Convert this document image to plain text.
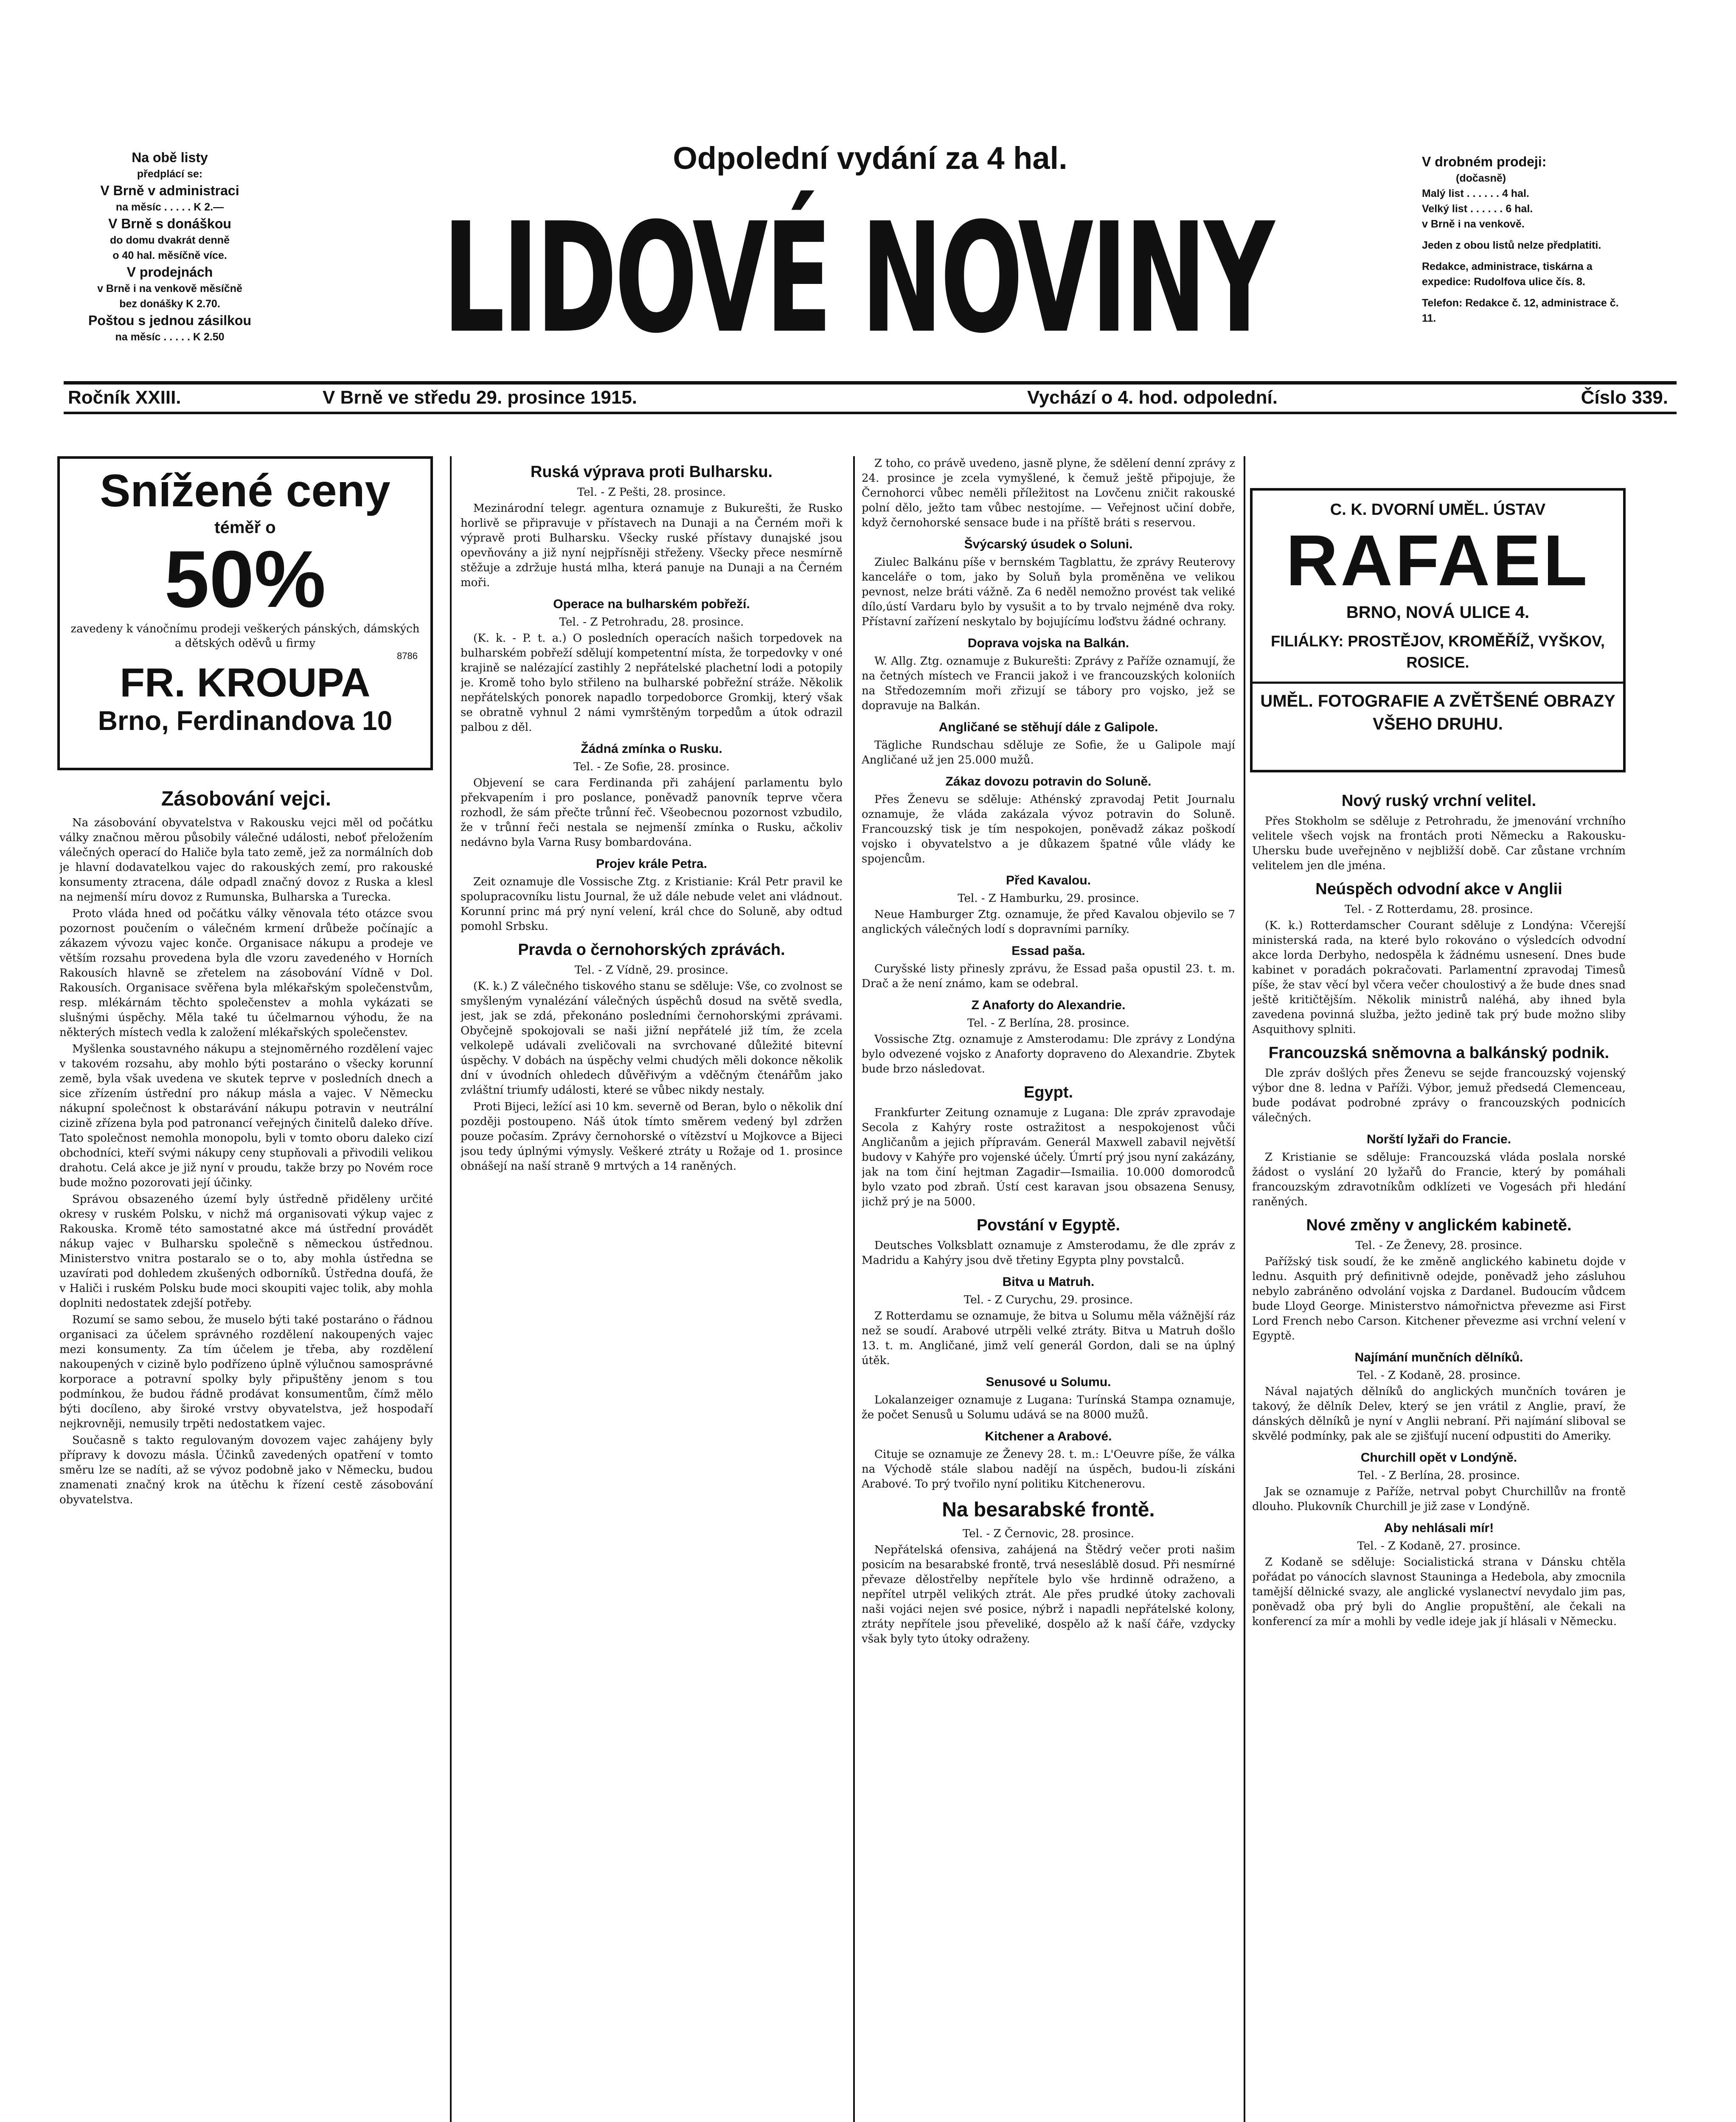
Na obě listy
předplácí se:
V Brně v administraci
na měsíc . . . . . K 2.—
V Brně s donáškou
do domu dvakrát denně
o 40 hal. měsíčně více.
V prodejnách
v Brně i na venkově měsíčně
bez donášky K 2.70.
Poštou s jednou zásilkou
na měsíc . . . . . K 2.50
V drobném prodeji:
(dočasně)
Malý list . . . . . . 4 hal.
Velký list . . . . . . 6 hal.
v Brně i na venkově.
Jeden z obou listů nelze předplatiti.
Redakce, administrace, tiskárna a expedice: Rudolfova ulice čís. 8.
Telefon: Redakce č. 12, administrace č. 11.
Odpolední vydání za 4 hal.
LIDOVÉ NOVINY
Ročník XXIII.	V Brně ve středu 29. prosince 1915.	Vychází o 4. hod. odpolední.	Číslo 339.
Snížené ceny
téměř o
50%
zavedeny k vánočnímu prodeji veškerých pánských, dámských a dětských oděvů u firmy
8786
FR. KROUPA
Brno, Ferdinandova 10
C. K. DVORNÍ UMĚL. ÚSTAV
RAFAEL
BRNO, NOVÁ ULICE 4.
FILIÁLKY: PROSTĚJOV, KROMĚŘÍŽ, VYŠKOV, ROSICE.
UMĚL. FOTOGRAFIE A ZVĚTŠENÉ OBRAZY VŠEHO DRUHU.
Zásobování vejci.

Na zásobování obyvatelstva v Rakousku vejci měl od počátku války značnou měrou působily válečné události, neboť přeložením válečných operací do Haliče byla tato země, jež za normálních dob je hlavní dodavatelkou vajec do rakouských zemí, pro rakouské konsumenty ztracena, dále odpadl značný dovoz z Ruska a klesl na nejmenší míru dovoz z Rumunska, Bulharska a Turecka.

Proto vláda hned od počátku války věnovala této otázce svou pozornost poučením o válečném krmení drůbeže počínajíc a zákazem vývozu vajec konče. Organisace nákupu a prodeje ve větším rozsahu provedena byla dle vzoru zavedeného v Horních Rakousích hlavně se zřetelem na zásobování Vídně v Dol. Rakousích. Organisace svěřena byla mlékařským společenstvům, resp. mlékárnám těchto společenstev a mohla vykázati se slušnými úspěchy. Měla také tu účelmarnou výhodu, že na některých místech vedla k založení mlékařských společenstev.

Myšlenka soustavného nákupu a stejnoměrného rozdělení vajec v takovém rozsahu, aby mohlo býti postaráno o všecky korunní země, byla však uvedena ve skutek teprve v posledních dnech a sice zřízením ústřední pro nákup másla a vajec. V Německu nákupní společnost k obstarávání nákupu potravin v neutrální cizině zřízena byla pod patronancí veřejných činitelů daleko dříve. Tato společnost nemohla monopolu, byli v tomto oboru daleko cizí obchodníci, kteří svými nákupy ceny stupňovali a přivodili velikou drahotu. Celá akce je již nyní v proudu, takže brzy po Novém roce bude možno pozorovati její účinky.

Správou obsazeného území byly ústředně přiděleny určité okresy v ruském Polsku, v nichž má organisovati výkup vajec z Rakouska. Kromě této samostatné akce má ústřední provádět nákup vajec v Bulharsku společně s německou ústřednou. Ministerstvo vnitra postaralo se o to, aby mohla ústředna se uzavírati pod dohledem zkušených odborníků. Ústředna doufá, že v Haliči i ruském Polsku bude moci skoupiti vajec tolik, aby mohla doplniti nedostatek zdejší potřeby.

Rozumí se samo sebou, že muselo býti také postaráno o řádnou organisaci za účelem správného rozdělení nakoupených vajec mezi konsumenty. Za tím účelem je třeba, aby rozdělení nakoupených v cizině bylo podřízeno úplně výlučnou samosprávné korporace a potravní spolky byly připuštěny jenom s tou podmínkou, že budou řádně prodávat konsumentům, čímž mělo býti docíleno, aby široké vrstvy obyvatelstva, jež hospodaří nejkrovněji, nemusily trpěti nedostatkem vajec.

Současně s takto regulovaným dovozem vajec zahájeny byly přípravy k dovozu másla. Účinků zavedených opatření v tomto směru lze se nadíti, až se vývoz podobně jako v Německu, budou znamenati značný krok na útěchu k řízení cestě zásobování obyvatelstva.

Ruská výprava proti Bulharsku.
Tel. - Z Pešti, 28. prosince.

Mezinárodní telegr. agentura oznamuje z Bukurešti, že Rusko horlivě se připravuje v přístavech na Dunaji a na Černém moři k výpravě proti Bulharsku. Všecky ruské přístavy dunajské jsou opevňovány a již nyní nejpřísněji střeženy. Všecky přece nesmírně stěžuje a zdržuje hustá mlha, která panuje na Dunaji a na Černém moři.

Operace na bulharském pobřeží.
Tel. - Z Petrohradu, 28. prosince.

(K. k. - P. t. a.) O posledních operacích našich torpedovek na bulharském pobřeží sdělují kompetentní místa, že torpedovky v oné krajině se nalézající zastihly 2 nepřátelské plachetní lodi a potopily je. Kromě toho bylo střileno na bulharské pobřežní stráže. Několik nepřátelských ponorek napadlo torpedoborce Gromkij, který však se obratně vyhnul 2 námi vymrštěným torpedům a útok odrazil palbou z děl.

Žádná zmínka o Rusku.
Tel. - Ze Sofie, 28. prosince.

Objevení se cara Ferdinanda při zahájení parlamentu bylo překvapením i pro poslance, poněvadž panovník teprve včera rozhodl, že sám přečte trůnní řeč. Všeobecnou pozornost vzbudilo, že v trůnní řeči nestala se nejmenší zmínka o Rusku, ačkoliv nedávno byla Varna Rusy bombardována.

Projev krále Petra.

Zeit oznamuje dle Vossische Ztg. z Kristianie: Král Petr pravil ke spolupracovníku listu Journal, že už dále nebude velet ani vládnout. Korunní princ má prý nyní velení, král chce do Soluně, aby odtud pomohl Srbsku.

Pravda o černohorských zprávách.
Tel. - Z Vídně, 29. prosince.

(K. k.) Z válečného tiskového stanu se sděluje: Vše, co zvolnost se smyšleným vynalézání válečných úspěchů dosud na světě svedla, jest, jak se zdá, překonáno posledními černohorskými zprávami. Obyčejně spokojovali se naši jižní nepřátelé již tím, že zcela velkolepě udávali zveličovali na svrchované důležité bitevní úspěchy. V dobách na úspěchy velmi chudých měli dokonce několik dní v úvodních ohledech důvěřivým a vděčným čtenářům jako zvláštní triumfy události, které se vůbec nikdy nestaly.

Proti Bijeci, ležící asi 10 km. severně od Beran, bylo o několik dní později postoupeno. Náš útok tímto směrem vedený byl zdržen pouze počasím. Zprávy černohorské o vítězství u Mojkovce a Bijeci jsou tedy úplnými výmysly. Veškeré ztráty u Rožaje od 1. prosince obnášejí na naší straně 9 mrtvých a 14 raněných.

Z toho, co právě uvedeno, jasně plyne, že sdělení denní zprávy z 24. prosince je zcela vymyšlené, k čemuž ještě připojuje, že Černohorci vůbec neměli příležitost na Lovčenu zničit rakouské polní dělo, ježto tam vůbec nestojíme. — Veřejnost učiní dobře, když černohorské sensace bude i na příště bráti s reservou.

Švýcarský úsudek o Soluni.

Ziulec Balkánu píše v bernském Tagblattu, že zprávy Reuterovy kanceláře o tom, jako by Soluň byla proměněna ve velikou pevnost, nelze bráti vážně. Za 6 neděl nemožno provést tak veliké dílo,ústí Vardaru bylo by vysušit a to by trvalo nejméně dva roky. Přístavní zařízení neskytalo by bojujícímu loďstvu žádné ochrany.

Doprava vojska na Balkán.

W. Allg. Ztg. oznamuje z Bukurešti: Zprávy z Paříže oznamují, že na četných místech ve Francii jakož i ve francouzských koloniích na Středozemním moři zřizují se tábory pro vojsko, jež se dopravuje na Balkán.

Angličané se stěhují dále z Galipole.

Tägliche Rundschau sděluje ze Sofie, že u Galipole mají Angličané už jen 25.000 mužů.

Zákaz dovozu potravin do Soluně.

Přes Ženevu se sděluje: Athénský zpravodaj Petit Journalu oznamuje, že vláda zakázala vývoz potravin do Soluně. Francouzský tisk je tím nespokojen, poněvadž zákaz poškodí vojsko i obyvatelstvo a je důkazem špatné vůle vlády ke spojencům.

Před Kavalou.
Tel. - Z Hamburku, 29. prosince.

Neue Hamburger Ztg. oznamuje, že před Kavalou objevilo se 7 anglických válečných lodí s dopravními parníky.

Essad paša.

Curyšské listy přinesly zprávu, že Essad paša opustil 23. t. m. Drač a že není známo, kam se odebral.

Z Anaforty do Alexandrie.
Tel. - Z Berlína, 28. prosince.

Vossische Ztg. oznamuje z Amsterodamu: Dle zprávy z Londýna bylo odvezené vojsko z Anaforty dopraveno do Alexandrie. Zbytek bude brzo následovat.

Egypt.

Frankfurter Zeitung oznamuje z Lugana: Dle zpráv zpravodaje Secola z Kahýry roste ostražitost a nespokojenost vůči Angličanům a jejich přípravám. Generál Maxwell zabavil největší budovy v Kahýře pro vojenské účely. Úmrtí prý jsou nyní zakázány, jak na tom činí hejtman Zagadir—Ismailia. 10.000 domorodců bylo vzato pod zbraň. Ústí cest karavan jsou obsazena Senusy, jichž prý je na 5000.

Povstání v Egyptě.

Deutsches Volksblatt oznamuje z Amsterodamu, že dle zpráv z Madridu a Kahýry jsou dvě třetiny Egypta plny povstalců.

Bitva u Matruh.
Tel. - Z Curychu, 29. prosince.

Z Rotterdamu se oznamuje, že bitva u Solumu měla vážnější ráz než se soudí. Arabové utrpěli velké ztráty. Bitva u Matruh došlo 13. t. m. Angličané, jimž velí generál Gordon, dali se na úplný útěk.

Senusové u Solumu.

Lokalanzeiger oznamuje z Lugana: Turínská Stampa oznamuje, že počet Senusů u Solumu udává se na 8000 mužů.

Kitchener a Arabové.

Cituje se oznamuje ze Ženevy 28. t. m.: L'Oeuvre píše, že válka na Východě stále slabou nadějí na úspěch, budou-li získáni Arabové. To prý tvořilo nyní politiku Kitchenerovu.

Na besarabské frontě.
Tel. - Z Černovic, 28. prosince.

Nepřátelská ofensiva, zahájená na Štědrý večer proti našim posicím na besarabské frontě, trvá nesesláblě dosud. Při nesmírné převaze dělostřelby nepřítele bylo vše hrdinně odraženo, a nepřítel utrpěl velikých ztrát. Ale přes prudké útoky zachovali naši vojáci nejen své posice, nýbrž i napadli nepřátelské kolony, ztráty nepřítele jsou převeliké, dospělo až k naší čáře, vzdycky však byly tyto útoky odraženy.

Nový ruský vrchní velitel.

Přes Stokholm se sděluje z Petrohradu, že jmenování vrchního velitele všech vojsk na frontách proti Německu a Rakousku-Uhersku bude uveřejněno v nejbližší době. Car zůstane vrchním velitelem jen dle jména.

Neúspěch odvodní akce v Anglii
Tel. - Z Rotterdamu, 28. prosince.

(K. k.) Rotterdamscher Courant sděluje z Londýna: Včerejší ministerská rada, na které bylo rokováno o výsledcích odvodní akce lorda Derbyho, nedospěla k žádnému usnesení. Dnes bude kabinet v poradách pokračovati. Parlamentní zpravodaj Timesů píše, že stav věcí byl včera večer choulostivý a že bude dnes snad ještě kritičtějším. Několik ministrů naléhá, aby ihned byla zavedena povinná služba, ježto jedině tak prý bude možno sliby Asquithovy splniti.

Francouzská sněmovna a balkánský podnik.

Dle zpráv došlých přes Ženevu se sejde francouzský vojenský výbor dne 8. ledna v Paříži. Výbor, jemuž předsedá Clemenceau, bude podávat podrobné zprávy o francouzských podnicích válečných.

Norští lyžaři do Francie.

Z Kristianie se sděluje: Francouzská vláda poslala norské žádost o vyslání 20 lyžařů do Francie, který by pomáhali francouzským zdravotníkům odklízeti ve Vogesách při hledání raněných.

Nové změny v anglickém kabinetě.
Tel. - Ze Ženevy, 28. prosince.

Pařížský tisk soudí, že ke změně anglického kabinetu dojde v lednu. Asquith prý definitivně odejde, poněvadž jeho zásluhou nebylo zabráněno odvolání vojska z Dardanel. Budoucím vůdcem bude Lloyd George. Ministerstvo námořnictva převezme asi First Lord French nebo Carson. Kitchener převezme asi vrchní velení v Egyptě.

Najímání munčních dělníků.
Tel. - Z Kodaně, 28. prosince.

Nával najatých dělníků do anglických munčních továren je takový, že dělník Delev, který se jen vrátil z Anglie, praví, že dánských dělníků je nyní v Anglii nebraní. Při najímání sliboval se skvělé podmínky, pak ale se zjišťují nucení odpustiti do Ameriky.

Churchill opět v Londýně.
Tel. - Z Berlína, 28. prosince.

Jak se oznamuje z Paříže, netrval pobyt Churchillův na frontě dlouho. Plukovník Churchill je již zase v Londýně.

Aby nehlásali mír!
Tel. - Z Kodaně, 27. prosince.

Z Kodaně se sděluje: Socialistická strana v Dánsku chtěla pořádat po vánocích slavnost Stauninga a Hedebola, aby zmocnila tamější dělnické svazy, ale anglické vyslanectví nevydalo jim pas, poněvadž oba prý byli do Anglie propuštění, ale čekali na konferencí za mír a mohli by vedle ideje jak jí hlásali v Německu.
